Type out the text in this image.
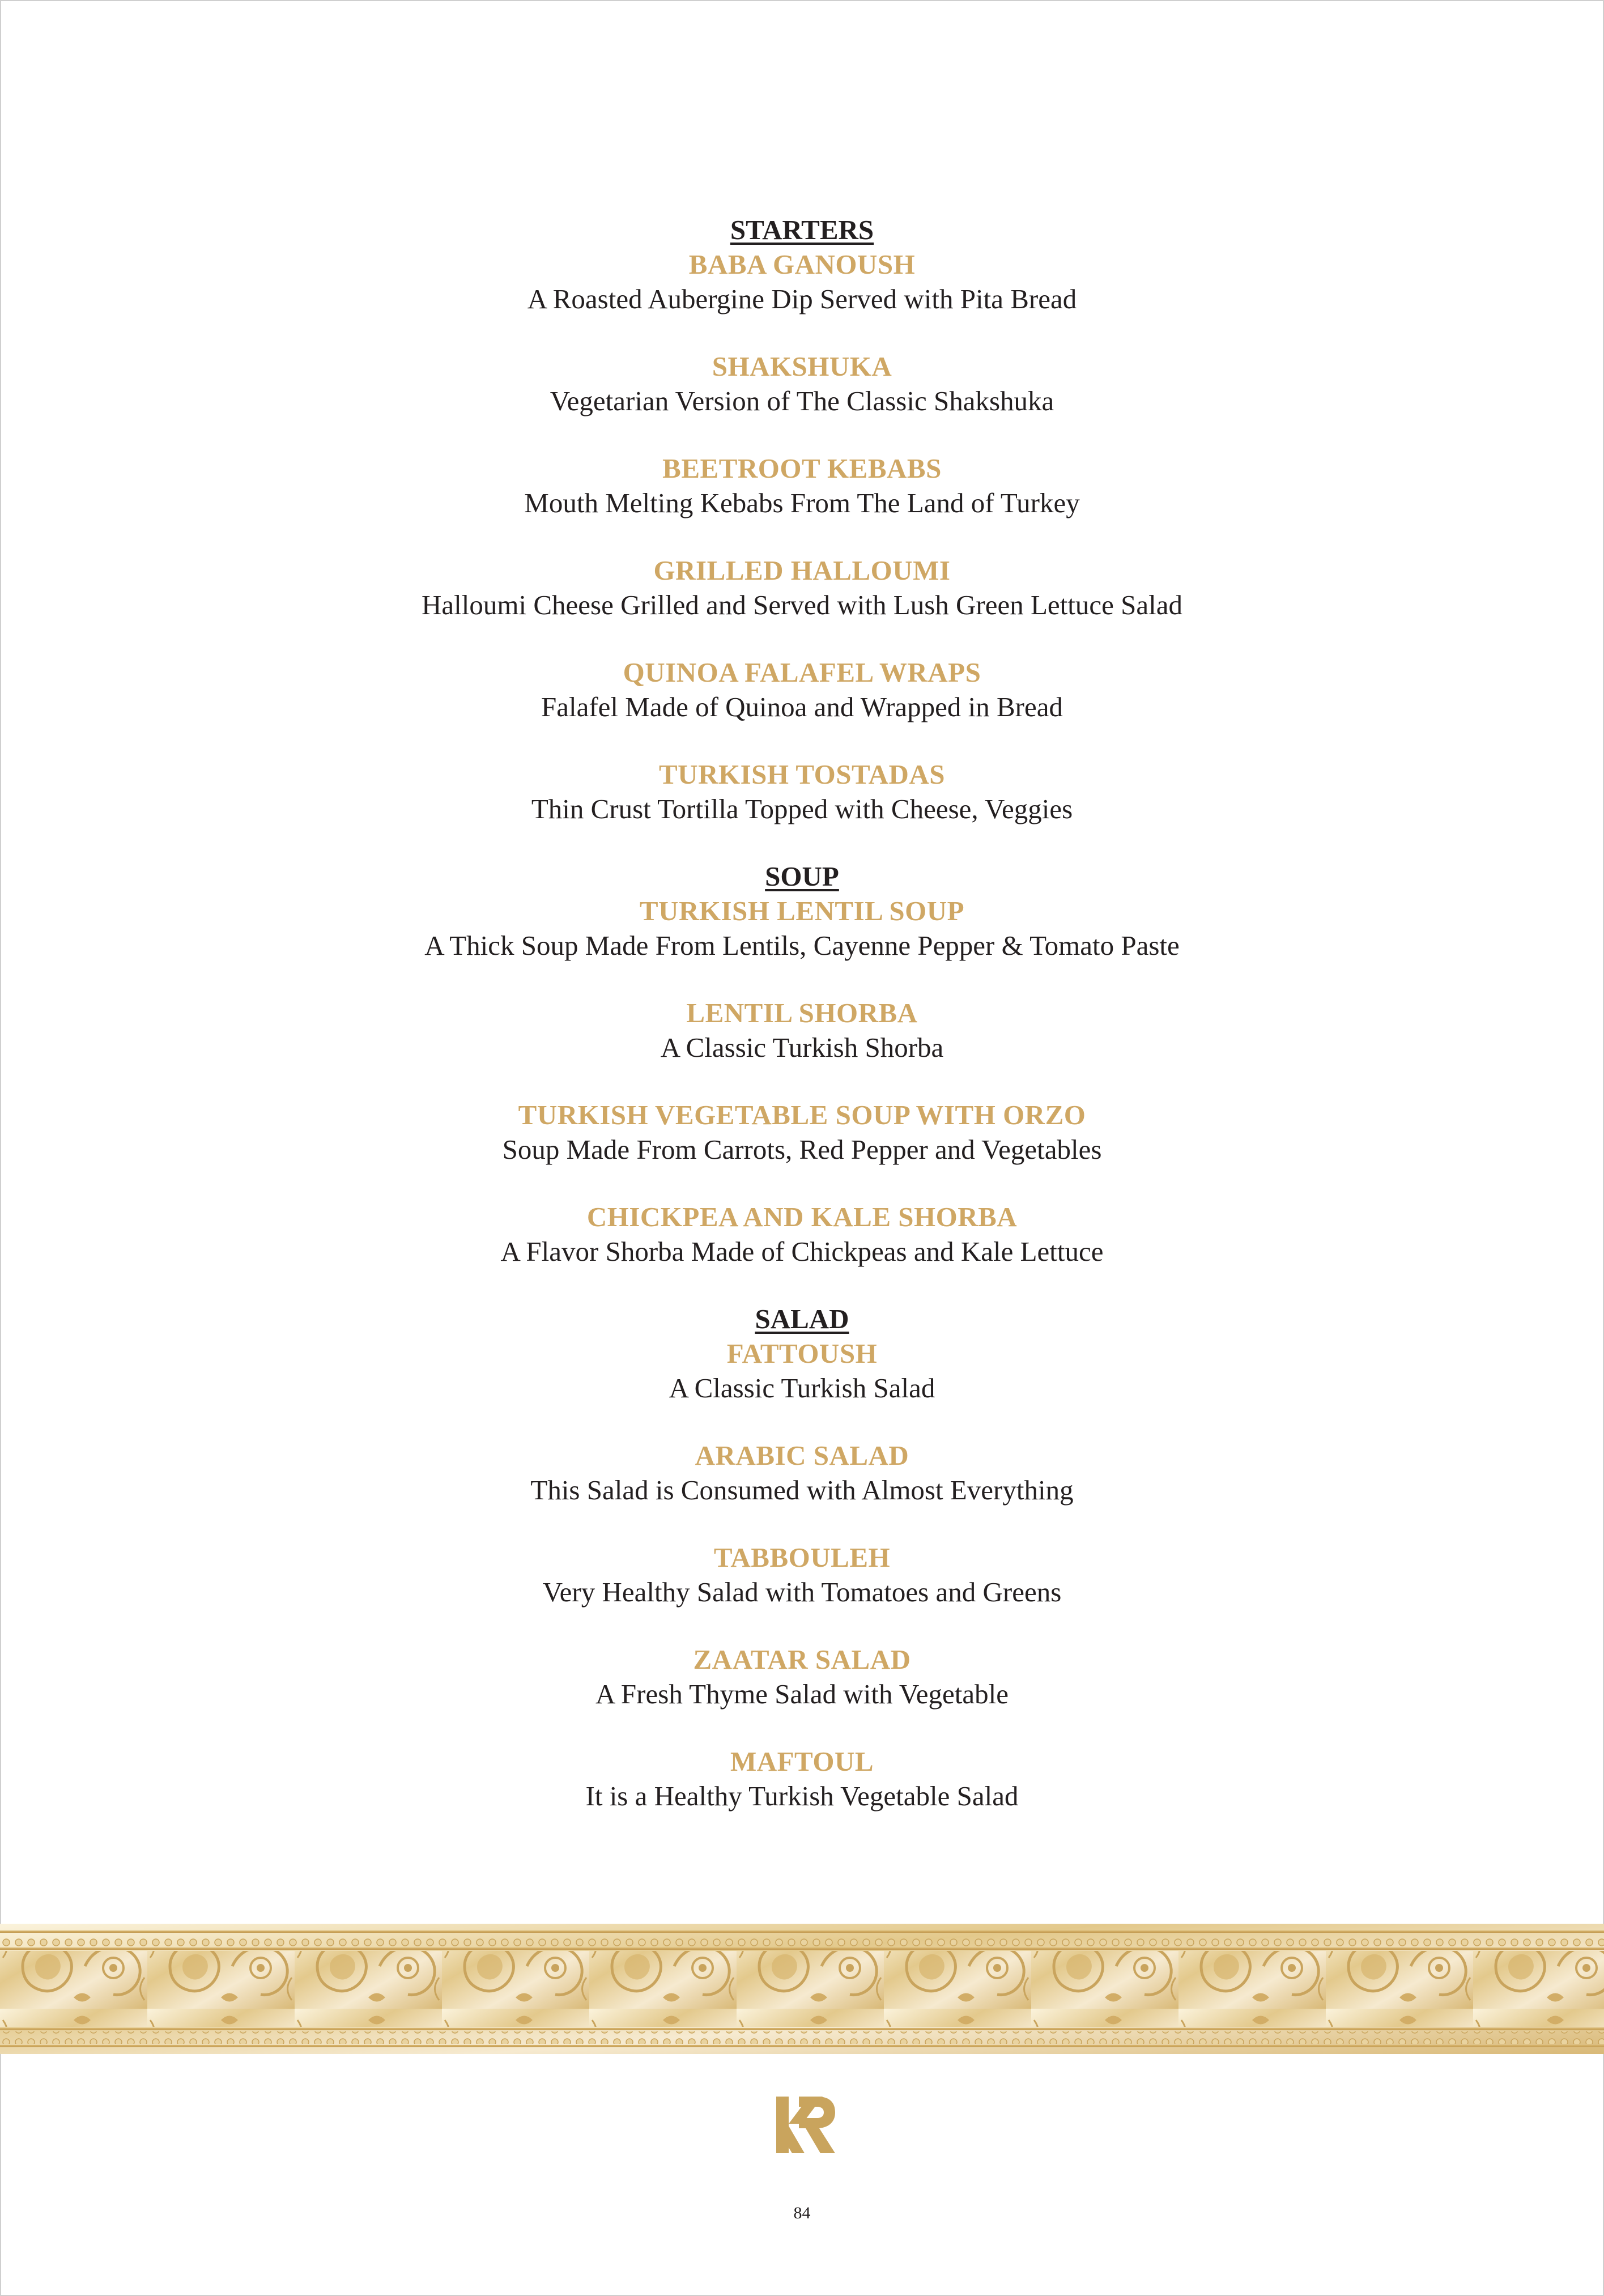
STARTERS
BABA GANOUSH
A Roasted Aubergine Dip Served with Pita Bread
SHAKSHUKA
Vegetarian Version of The Classic Shakshuka
BEETROOT KEBABS
Mouth Melting Kebabs From The Land of Turkey
GRILLED HALLOUMI
Halloumi Cheese Grilled and Served with Lush Green Lettuce Salad
QUINOA FALAFEL WRAPS
Falafel Made of Quinoa and Wrapped in Bread
TURKISH TOSTADAS
Thin Crust Tortilla Topped with Cheese, Veggies
SOUP
TURKISH LENTIL SOUP
A Thick Soup Made From Lentils, Cayenne Pepper & Tomato Paste
LENTIL SHORBA
A Classic Turkish Shorba
TURKISH VEGETABLE SOUP WITH ORZO
Soup Made From Carrots, Red Pepper and Vegetables
CHICKPEA AND KALE SHORBA
A Flavor Shorba Made of Chickpeas and Kale Lettuce
SALAD
FATTOUSH
A Classic Turkish Salad
ARABIC SALAD
This Salad is Consumed with Almost Everything
TABBOULEH
Very Healthy Salad with Tomatoes and Greens
ZAATAR SALAD
A Fresh Thyme Salad with Vegetable
MAFTOUL
It is a Healthy Turkish Vegetable Salad
84
